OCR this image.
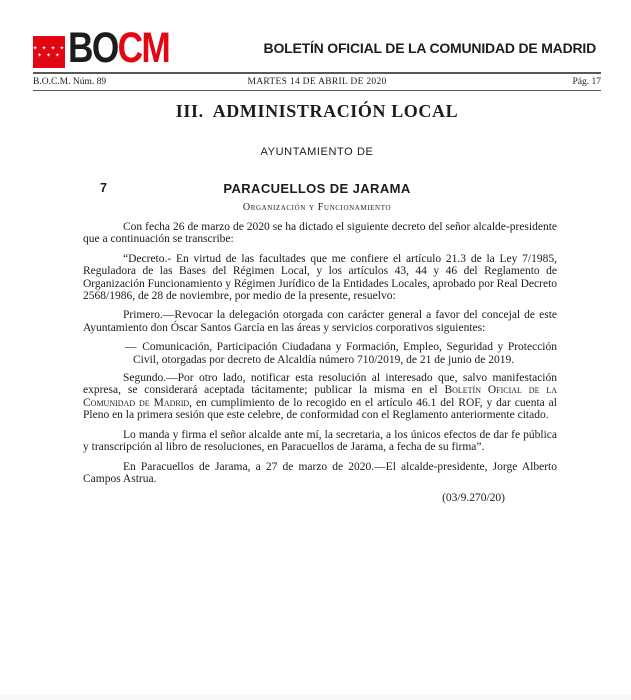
✦ ✦ ✦ ✦
✦ ✦ ✦ BOCM	BOLETÍN OFICIAL DE LA COMUNIDAD DE MADRID
B.O.C.M. Núm. 89	MARTES 14 DE ABRIL DE 2020	Pág. 17
III. ADMINISTRACIÓN LOCAL
AYUNTAMIENTO DE
7	PARACUELLOS DE JARAMA
Organización y Funcionamiento
Con fecha 26 de marzo de 2020 se ha dictado el siguiente decreto del señor alcalde-presidente que a continuación se transcribe:
“Decreto.- En virtud de las facultades que me confiere el artículo 21.3 de la Ley 7/1985, Reguladora de las Bases del Régimen Local, y los artículos 43, 44 y 46 del Reglamento de Organización Funcionamiento y Régimen Jurídico de la Entidades Locales, aprobado por Real Decreto 2568/1986, de 28 de noviembre, por medio de la presente, resuelvo:
Primero.—Revocar la delegación otorgada con carácter general a favor del concejal de este Ayuntamiento don Óscar Santos García en las áreas y servicios corporativos siguientes:
— Comunicación, Participación Ciudadana y Formación, Empleo, Seguridad y Protección Civil, otorgadas por decreto de Alcaldía número 710/2019, de 21 de junio de 2019.
Segundo.—Por otro lado, notificar esta resolución al interesado que, salvo manifestación expresa, se considerará aceptada tácitamente; publicar la misma en el Boletín Oficial de la Comunidad de Madrid, en cumplimiento de lo recogido en el artículo 46.1 del ROF, y dar cuenta al Pleno en la primera sesión que este celebre, de conformidad con el Reglamento anteriormente citado.
Lo manda y firma el señor alcalde ante mí, la secretaria, a los únicos efectos de dar fe pública y transcripción al libro de resoluciones, en Paracuellos de Jarama, a fecha de su firma”.
En Paracuellos de Jarama, a 27 de marzo de 2020.—El alcalde-presidente, Jorge Alberto Campos Astrua.
(03/9.270/20)
